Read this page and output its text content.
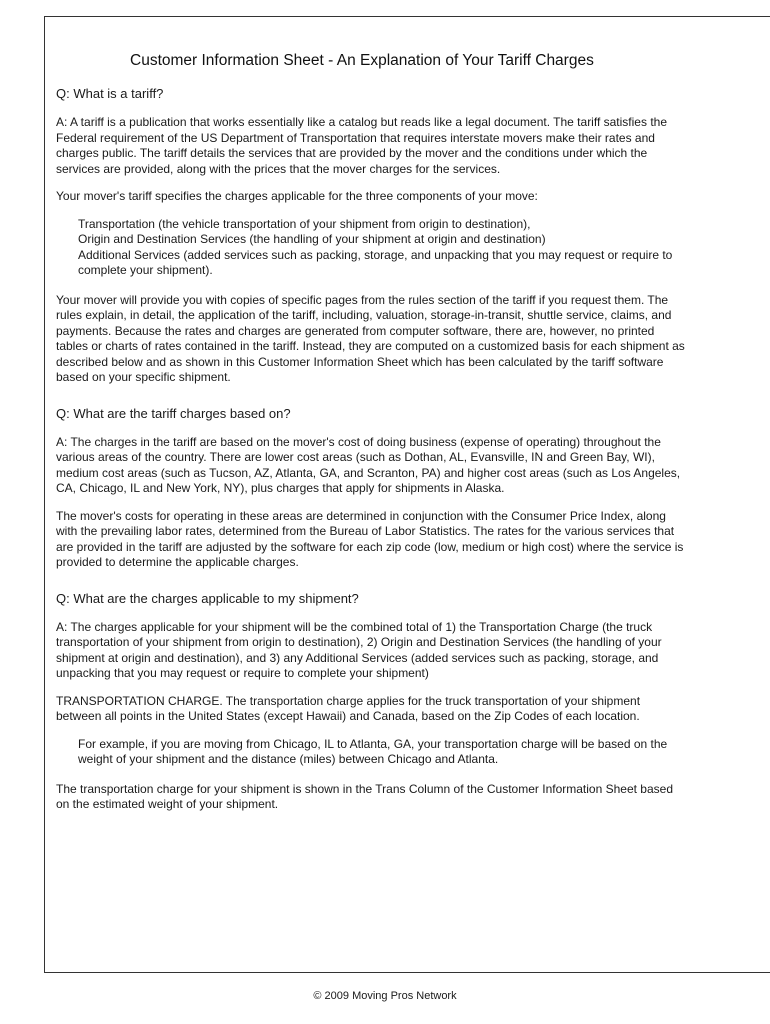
Customer Information Sheet - An Explanation of Your Tariff Charges
Q: What is a tariff?

A: A tariff is a publication that works essentially like a catalog but reads like a legal document. The tariff satisfies the Federal requirement of the US Department of Transportation that requires interstate movers make their rates and charges public. The tariff details the services that are provided by the mover and the conditions under which the services are provided, along with the prices that the mover charges for the services.

Your mover's tariff specifies the charges applicable for the three components of your move:

Transportation (the vehicle transportation of your shipment from origin to destination),

Origin and Destination Services (the handling of your shipment at origin and destination)

Additional Services (added services such as packing, storage, and unpacking that you may request or require to complete your shipment).

Your mover will provide you with copies of specific pages from the rules section of the tariff if you request them. The rules explain, in detail, the application of the tariff, including, valuation, storage-in-transit, shuttle service, claims, and payments. Because the rates and charges are generated from computer software, there are, however, no printed tables or charts of rates contained in the tariff. Instead, they are computed on a customized basis for each shipment as described below and as shown in this Customer Information Sheet which has been calculated by the tariff software based on your specific shipment.

Q: What are the tariff charges based on?

A: The charges in the tariff are based on the mover's cost of doing business (expense of operating) throughout the various areas of the country. There are lower cost areas (such as Dothan, AL, Evansville, IN and Green Bay, WI), medium cost areas (such as Tucson, AZ, Atlanta, GA, and Scranton, PA) and higher cost areas (such as Los Angeles, CA, Chicago, IL and New York, NY), plus charges that apply for shipments in Alaska.

The mover's costs for operating in these areas are determined in conjunction with the Consumer Price Index, along with the prevailing labor rates, determined from the Bureau of Labor Statistics. The rates for the various services that are provided in the tariff are adjusted by the software for each zip code (low, medium or high cost) where the service is provided to determine the applicable charges.

Q: What are the charges applicable to my shipment?

A: The charges applicable for your shipment will be the combined total of 1) the Transportation Charge (the truck transportation of your shipment from origin to destination), 2) Origin and Destination Services (the handling of your shipment at origin and destination), and 3) any Additional Services (added services such as packing, storage, and unpacking that you may request or require to complete your shipment)

TRANSPORTATION CHARGE. The transportation charge applies for the truck transportation of your shipment between all points in the United States (except Hawaii) and Canada, based on the Zip Codes of each location.

For example, if you are moving from Chicago, IL to Atlanta, GA, your transportation charge will be based on the weight of your shipment and the distance (miles) between Chicago and Atlanta.

The transportation charge for your shipment is shown in the Trans Column of the Customer Information Sheet based on the estimated weight of your shipment.

© 2009 Moving Pros Network
